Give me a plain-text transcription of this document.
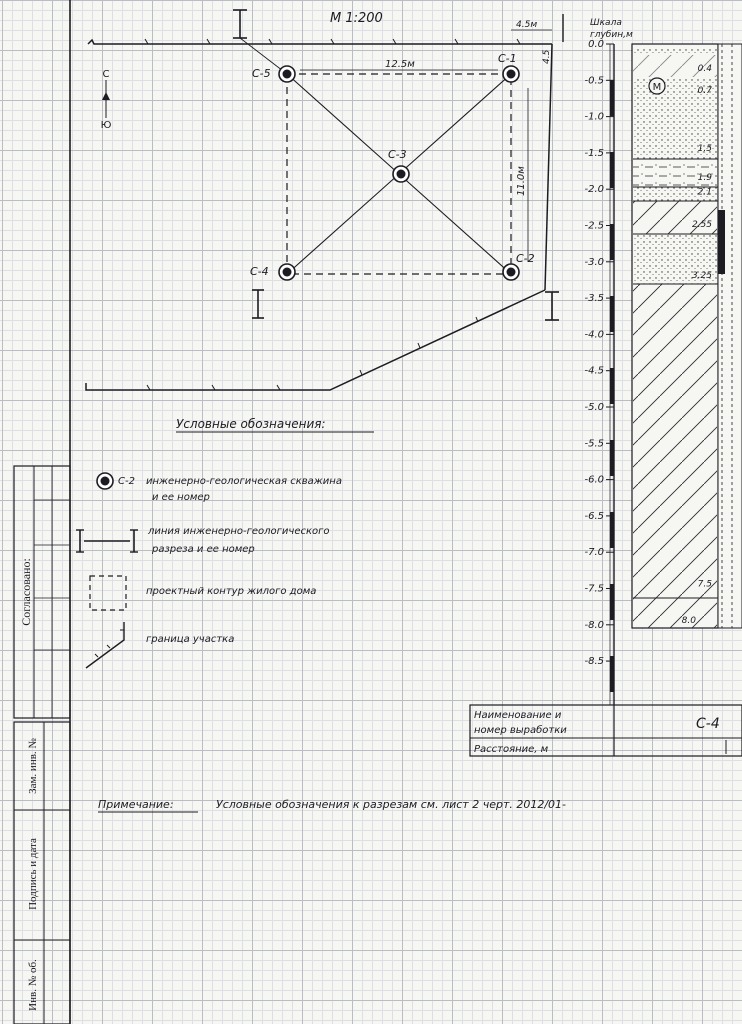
Согласовано:
Зам. инв. №
Подпись и дата
Инв. № об.
М 1:200
С
Ю
12.5м
11.0м
4.5м
4.5
С-5
С-1
С-3
С-4
С-2
Условные обозначения:
С-2 инженерно-геологическая скважина
и ее номер
линия инженерно-геологического
разреза и ее номер
проектный контур жилого дома
граница участка
Шкала
глубин,м
0.0
-0.5
-1.0
-1.5
-2.0
-2.5
-3.0
-3.5
-4.0
-4.5
-5.0
-5.5
-6.0
-6.5
-7.0
-7.5
-8.0
-8.5
М
0.4
0.7
1.5
1.9
2.1
2.55
3.25
7.5
8.0
Наименование и
номер выработки	С-4
Расстояние, м
Примечание:	Условные обозначения к разрезам см. лист 2 черт. 2012/01-
